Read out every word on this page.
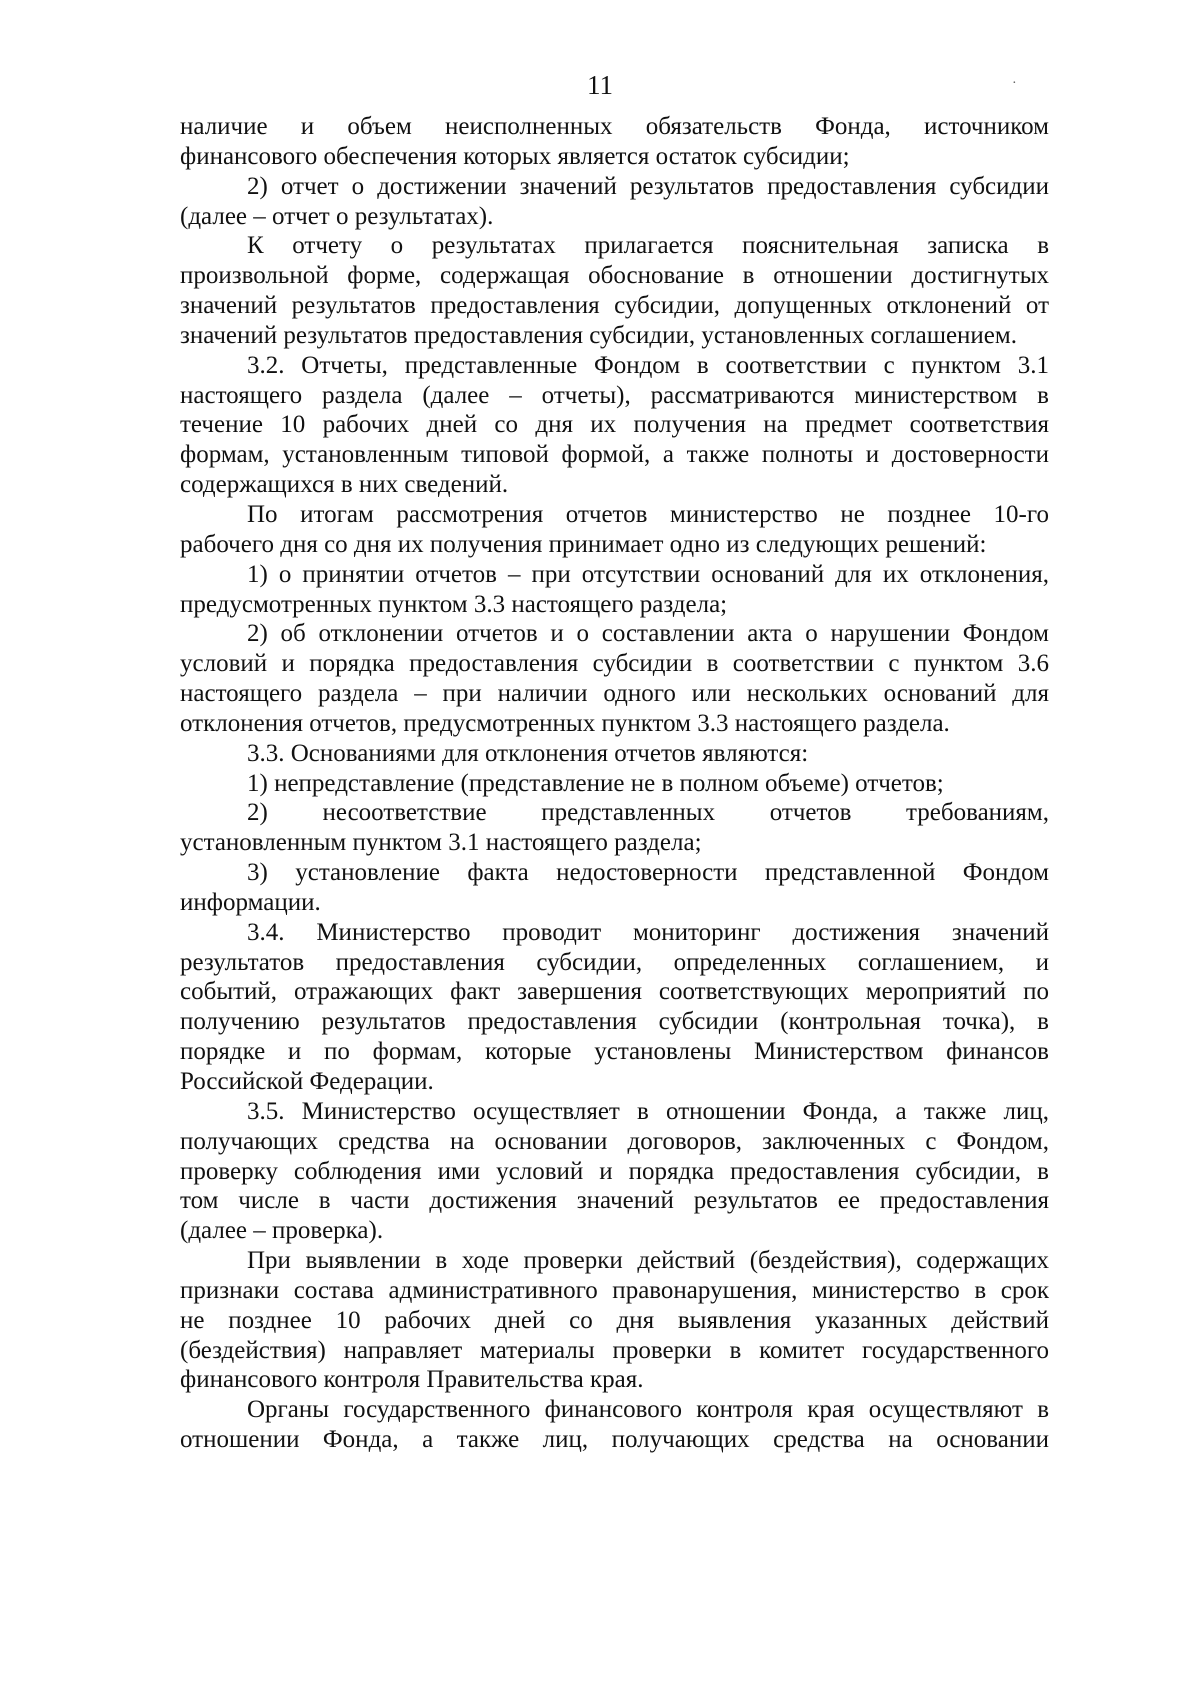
11	·
наличие и объем неисполненных обязательств Фонда, источником
финансового обеспечения которых является остаток субсидии;
2) отчет о достижении значений результатов предоставления субсидии
(далее – отчет о результатах).
К отчету о результатах прилагается пояснительная записка в
произвольной форме, содержащая обоснование в отношении достигнутых
значений результатов предоставления субсидии, допущенных отклонений от
значений результатов предоставления субсидии, установленных соглашением.
3.2. Отчеты, представленные Фондом в соответствии с пунктом 3.1
настоящего раздела (далее – отчеты), рассматриваются министерством в
течение 10 рабочих дней со дня их получения на предмет соответствия
формам, установленным типовой формой, а также полноты и достоверности
содержащихся в них сведений.
По итогам рассмотрения отчетов министерство не позднее 10-го
рабочего дня со дня их получения принимает одно из следующих решений:
1) о принятии отчетов – при отсутствии оснований для их отклонения,
предусмотренных пунктом 3.3 настоящего раздела;
2) об отклонении отчетов и о составлении акта о нарушении Фондом
условий и порядка предоставления субсидии в соответствии с пунктом 3.6
настоящего раздела – при наличии одного или нескольких оснований для
отклонения отчетов, предусмотренных пунктом 3.3 настоящего раздела.
3.3. Основаниями для отклонения отчетов являются:
1) непредставление (представление не в полном объеме) отчетов;
2) несоответствие представленных отчетов требованиям,
установленным пунктом 3.1 настоящего раздела;
3) установление факта недостоверности представленной Фондом
информации.
3.4. Министерство проводит мониторинг достижения значений
результатов предоставления субсидии, определенных соглашением, и
событий, отражающих факт завершения соответствующих мероприятий по
получению результатов предоставления субсидии (контрольная точка), в
порядке и по формам, которые установлены Министерством финансов
Российской Федерации.
3.5. Министерство осуществляет в отношении Фонда, а также лиц,
получающих средства на основании договоров, заключенных с Фондом,
проверку соблюдения ими условий и порядка предоставления субсидии, в
том числе в части достижения значений результатов ее предоставления
(далее – проверка).
При выявлении в ходе проверки действий (бездействия), содержащих
признаки состава административного правонарушения, министерство в срок
не позднее 10 рабочих дней со дня выявления указанных действий
(бездействия) направляет материалы проверки в комитет государственного
финансового контроля Правительства края.
Органы государственного финансового контроля края осуществляют в
отношении Фонда, а также лиц, получающих средства на основании
